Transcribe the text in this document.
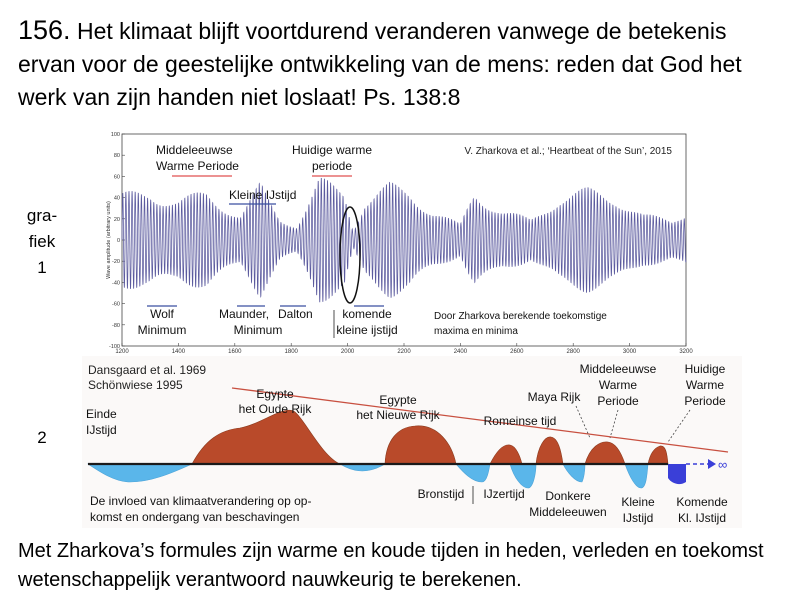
156. Het klimaat blijft voortdurend veranderen vanwege de betekenis ervan voor de geestelijke ontwikkeling van de mens: reden dat God het werk van zijn handen niet loslaat! Ps. 138:8
gra-
fiek
1
2
1200	1400	1600	1800	2000	2200	2400	2600	2800	3000	3200
-100
-80
-60
-40
-20
0
20
40
60
80
100
Wave amplitude (arbitrary units)
V. Zharkova et al.; ‘Heartbeat of the Sun’, 2015
Middeleeuwse
Warme Periode
Huidige warme
periode
Kleine IJstijd
Wolf
Minimum
Maunder,
Minimum
Dalton komende
kleine ijstijd
Door Zharkova berekende toekomstige
maxima en minima
Dansgaard et al. 1969
Schönwiese 1995
∞
Einde
IJstijd
Egypte
het Oude Rijk
Egypte
het Nieuwe Rijk	Romeinse tijd
Maya Rijk
Middeleeuwse
Warme
Periode
Huidige
Warme
Periode
Bronstijd IJzertijd Donkere
Middeleeuwen
Kleine
IJstijd
Komende
Kl. IJstijd
De invloed van klimaatverandering op op-
komst en ondergang van beschavingen
Met Zharkova’s formules zijn warme en koude tijden in heden, verleden en toekomst wetenschappelijk verantwoord nauwkeurig te berekenen.
